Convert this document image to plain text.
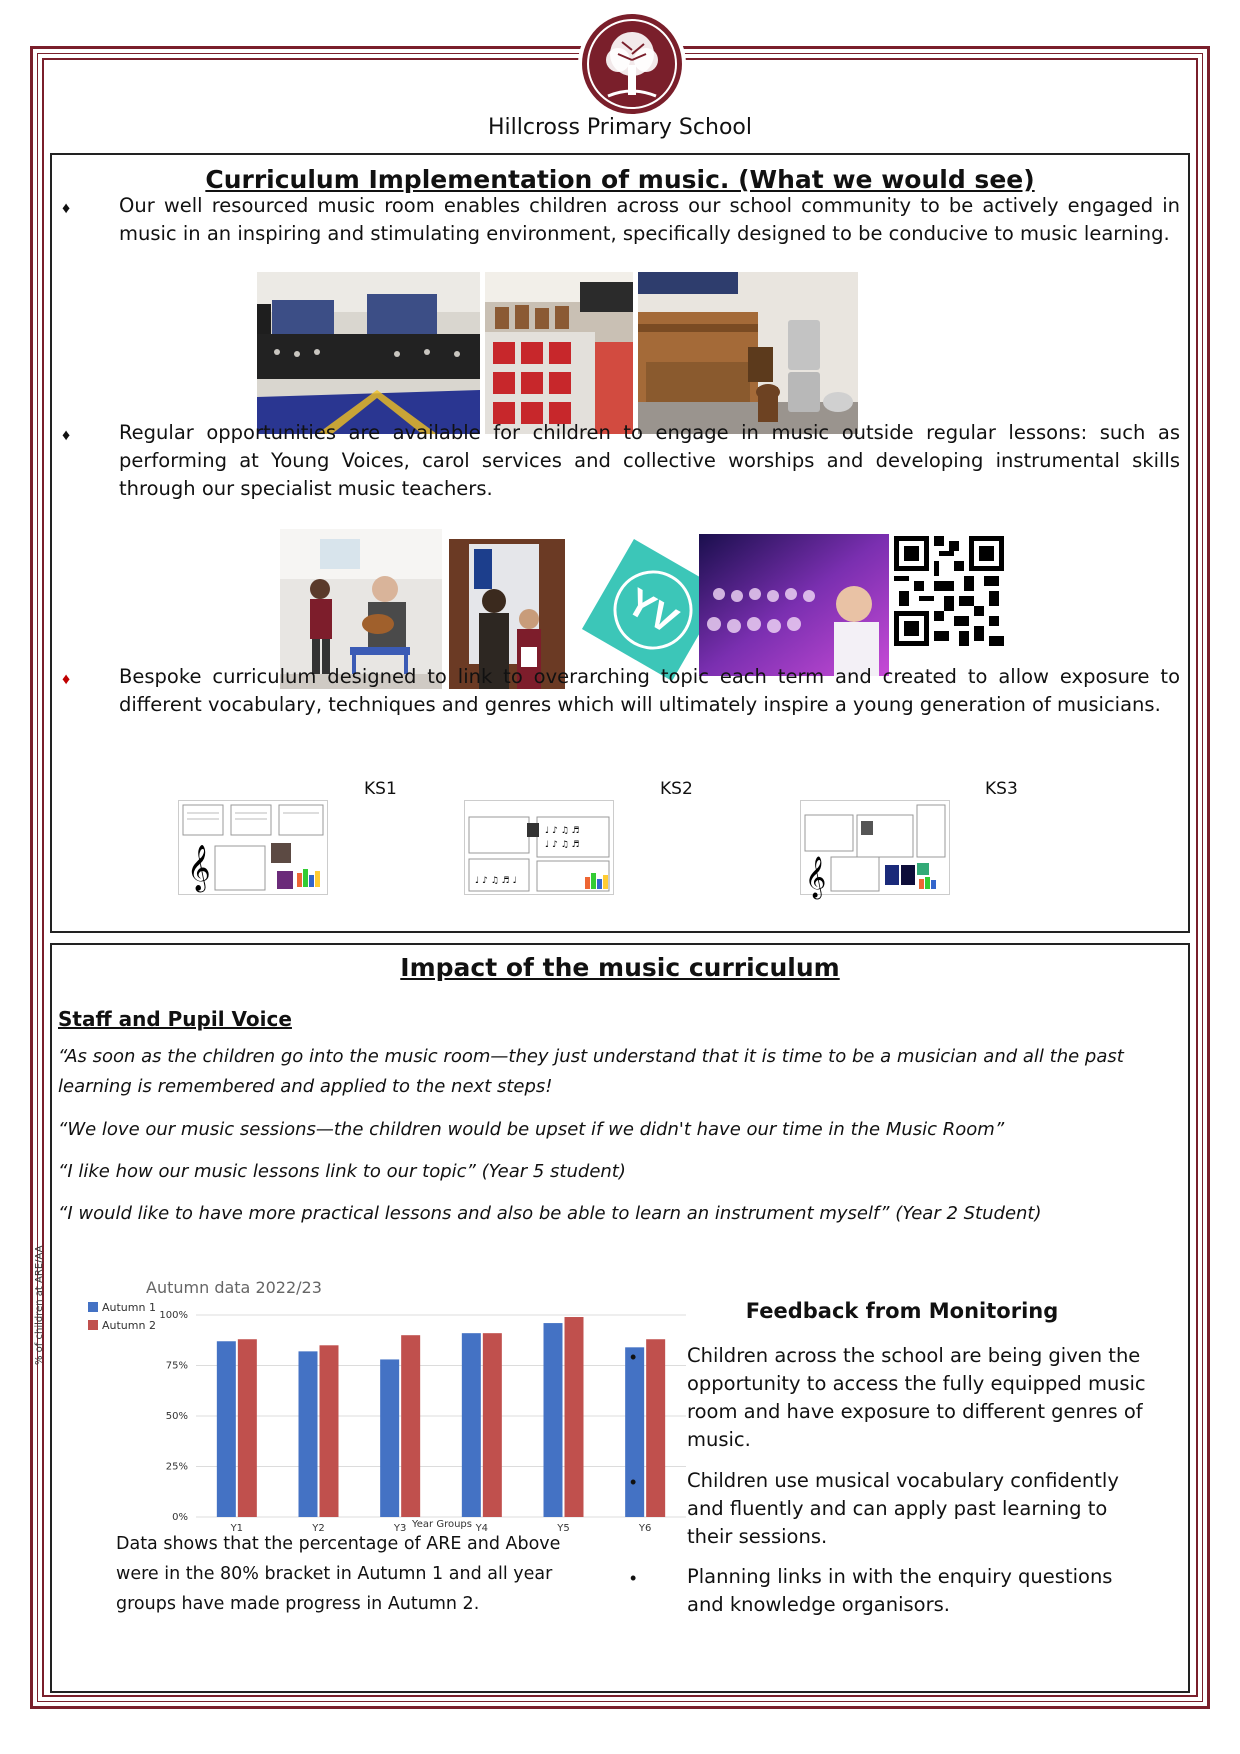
Hillcross Primary School
Curriculum Implementation of music. (What we would see)
♦	Our well resourced music room enables children across our school community to be actively engaged in music in an inspiring and stimulating environment, specifically designed to be conducive to music learning.
♦	Regular opportunities are available for children to engage in music outside regular lessons: such as performing at Young Voices, carol services and collective worships and developing instrumental skills through our specialist music teachers.
YV
♦	Bespoke curriculum designed to link to overarching topic each term and created to allow exposure to different vocabulary, techniques and genres which will ultimately inspire a young generation of musicians.
𝄞
KS1
♩ ♪ ♫ ♬
♩ ♪ ♫ ♬
♩ ♪ ♫ ♬ ♩
KS2
𝄞
KS3
Impact of the music curriculum
Staff and Pupil Voice
“As soon as the children go into the music room—they just understand that it is time to be a musician and all the past learning is remembered and applied to the next steps!
“We love our music sessions—the children would be upset if we didn't have our time in the Music Room”
“I like how our music lessons link to our topic” (Year 5 student)
“I would like to have more practical lessons and also be able to learn an instrument myself” (Year 2 Student)
Autumn data 2022/23
Autumn 1
Autumn 2
0%
25%
50%
75%
100%
Y1	Y2	Y3	Y4	Y5	Y6
% of children at ARE/AA
Year Groups
Data shows that the percentage of ARE and Above were in the 80% bracket in Autumn 1 and all year groups have made progress in Autumn 2.
Feedback from Monitoring
•	Children across the school are being given the opportunity to access the fully equipped music room and have exposure to different genres of music.
•	Children use musical vocabulary confidently and fluently and can apply past learning to their sessions.
•	Planning links in with the enquiry questions and knowledge organisors.
